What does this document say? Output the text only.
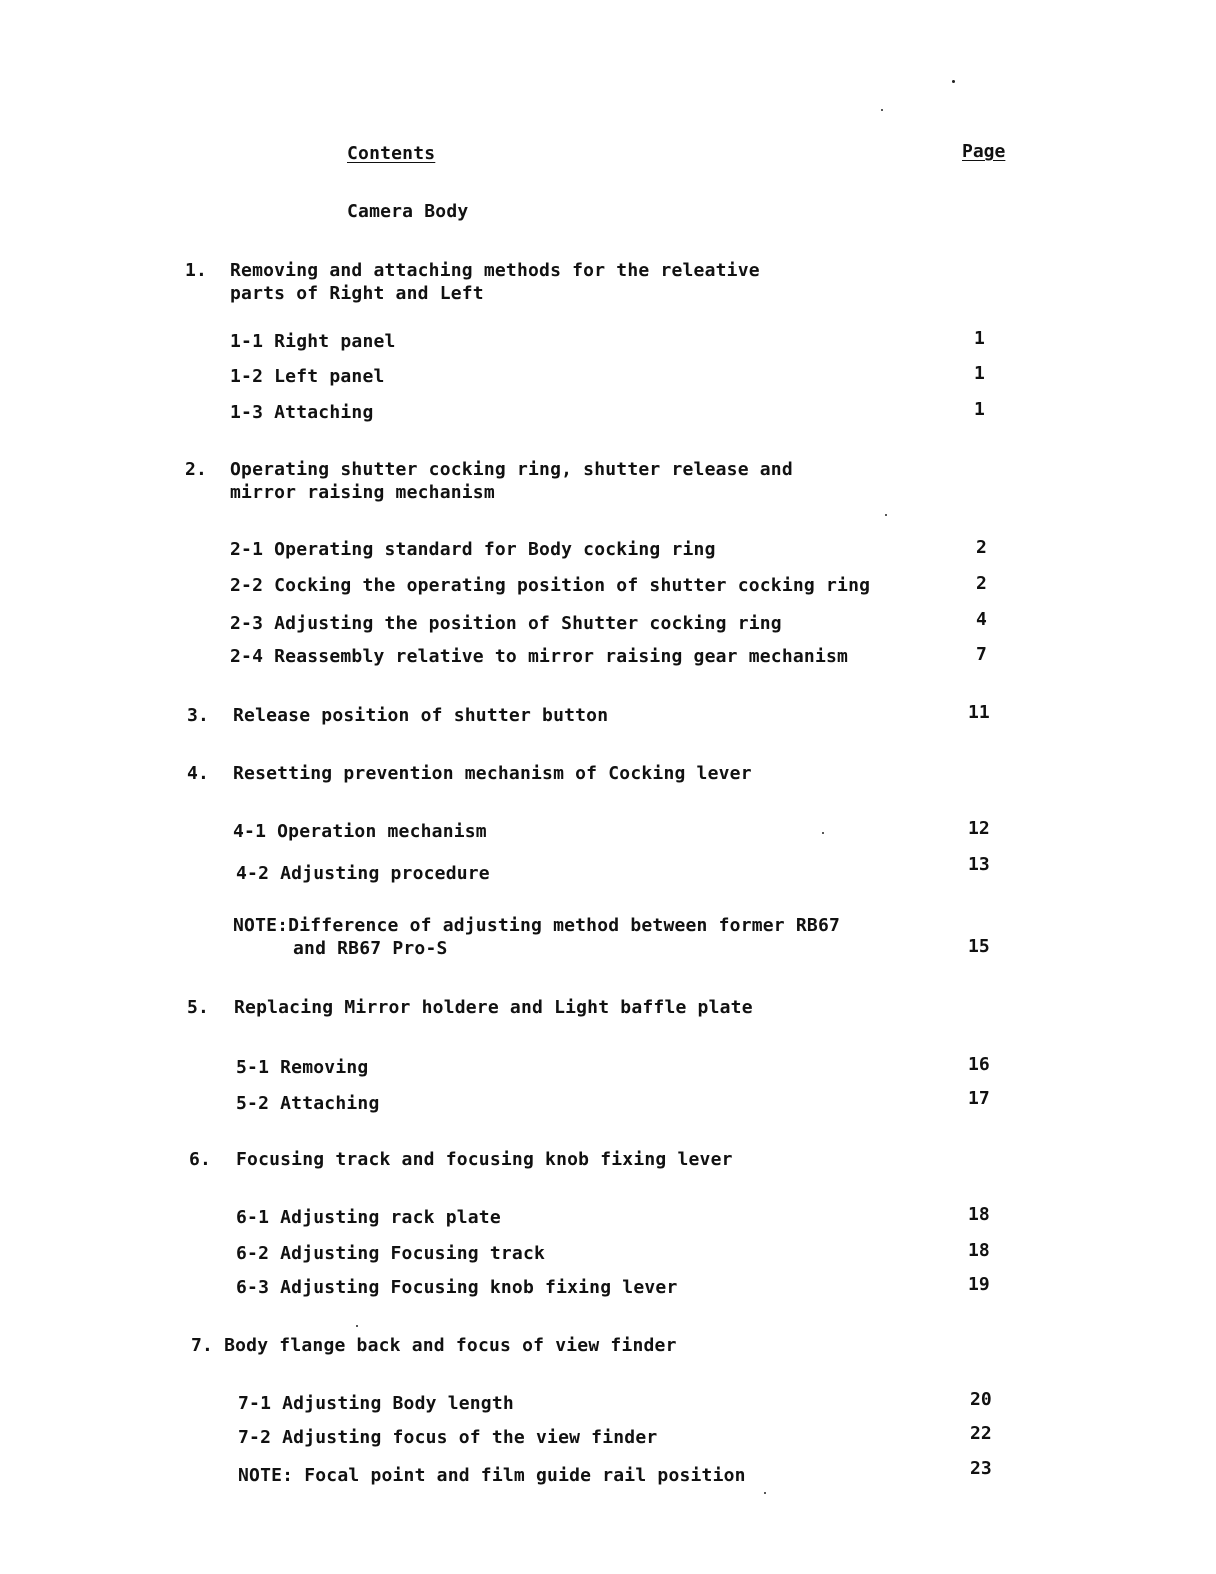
Contents	Page
Camera Body
1. Removing and attaching methods for the releative
parts of Right and Left
1-1 Right panel	1
1-2 Left panel	1
1-3 Attaching	1
2. Operating shutter cocking ring, shutter release and
mirror raising mechanism
2-1 Operating standard for Body cocking ring	2
2-2 Cocking the operating position of shutter cocking ring	2
2-3 Adjusting the position of Shutter cocking ring	4
2-4 Reassembly relative to mirror raising gear mechanism	7
3. Release position of shutter button	11
4. Resetting prevention mechanism of Cocking lever
4-1 Operation mechanism	12
4-2 Adjusting procedure	13
NOTE:Difference of adjusting method between former RB67
and RB67 Pro-S	15
5. Replacing Mirror holdere and Light baffle plate
5-1 Removing	16
5-2 Attaching	17
6. Focusing track and focusing knob fixing lever
6-1 Adjusting rack plate	18
6-2 Adjusting Focusing track	18
6-3 Adjusting Focusing knob fixing lever	19
7. Body flange back and focus of view finder
7-1 Adjusting Body length	20
7-2 Adjusting focus of the view finder	22
NOTE: Focal point and film guide rail position	23
